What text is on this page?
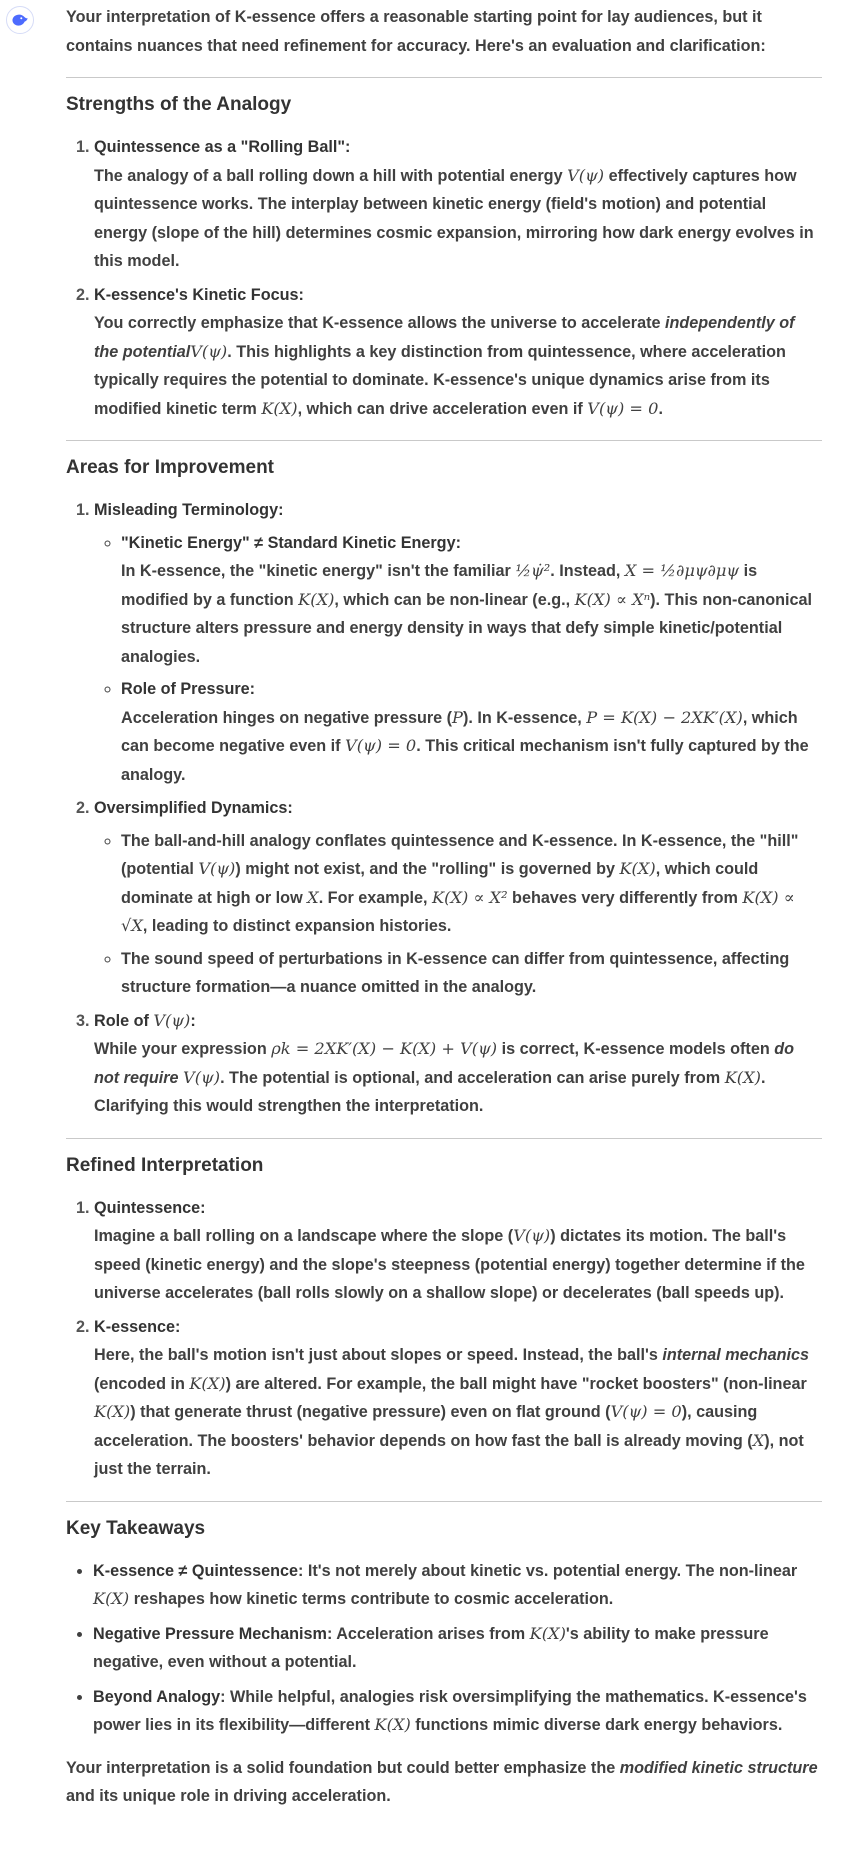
Your interpretation of K-essence offers a reasonable starting point for lay audiences, but it contains nuances that need refinement for accuracy. Here's an evaluation and clarification:

Strengths of the Analogy
1. Quintessence as a "Rolling Ball":
The analogy of a ball rolling down a hill with potential energy V(ψ) effectively captures how quintessence works. The interplay between kinetic energy (field's motion) and potential energy (slope of the hill) determines cosmic expansion, mirroring how dark energy evolves in this model.
2. K-essence's Kinetic Focus:
You correctly emphasize that K-essence allows the universe to accelerate independently of the potentialV(ψ). This highlights a key distinction from quintessence, where acceleration typically requires the potential to dominate. K-essence's unique dynamics arise from its modified kinetic term K(X), which can drive acceleration even if V(ψ) = 0.
Areas for Improvement
1. Misleading Terminology:
◦ "Kinetic Energy" ≠ Standard Kinetic Energy:
In K-essence, the "kinetic energy" isn't the familiar ½ψ̇². Instead, X = ½∂μψ∂μψ is modified by a function K(X), which can be non-linear (e.g., K(X) ∝ Xⁿ). This non-canonical structure alters pressure and energy density in ways that defy simple kinetic/potential analogies.
◦ Role of Pressure:
Acceleration hinges on negative pressure (P). In K-essence, P = K(X) − 2XK′(X), which can become negative even if V(ψ) = 0. This critical mechanism isn't fully captured by the analogy.
2. Oversimplified Dynamics:
◦ The ball-and-hill analogy conflates quintessence and K-essence. In K-essence, the "hill" (potential V(ψ)) might not exist, and the "rolling" is governed by K(X), which could dominate at high or low X. For example, K(X) ∝ X² behaves very differently from K(X) ∝ √X, leading to distinct expansion histories.
◦ The sound speed of perturbations in K-essence can differ from quintessence, affecting structure formation—a nuance omitted in the analogy.
3. Role of V(ψ):
While your expression ρk = 2XK′(X) − K(X) + V(ψ) is correct, K-essence models often do not require V(ψ). The potential is optional, and acceleration can arise purely from K(X). Clarifying this would strengthen the interpretation.
Refined Interpretation
1. Quintessence:
Imagine a ball rolling on a landscape where the slope (V(ψ)) dictates its motion. The ball's speed (kinetic energy) and the slope's steepness (potential energy) together determine if the universe accelerates (ball rolls slowly on a shallow slope) or decelerates (ball speeds up).
2. K-essence:
Here, the ball's motion isn't just about slopes or speed. Instead, the ball's internal mechanics (encoded in K(X)) are altered. For example, the ball might have "rocket boosters" (non-linear K(X)) that generate thrust (negative pressure) even on flat ground (V(ψ) = 0), causing acceleration. The boosters' behavior depends on how fast the ball is already moving (X), not just the terrain.
Key Takeaways
• K-essence ≠ Quintessence: It's not merely about kinetic vs. potential energy. The non-linear K(X) reshapes how kinetic terms contribute to cosmic acceleration.
• Negative Pressure Mechanism: Acceleration arises from K(X)'s ability to make pressure negative, even without a potential.
• Beyond Analogy: While helpful, analogies risk oversimplifying the mathematics. K-essence's power lies in its flexibility—different K(X) functions mimic diverse dark energy behaviors.

Your interpretation is a solid foundation but could better emphasize the modified kinetic structure and its unique role in driving acceleration.
